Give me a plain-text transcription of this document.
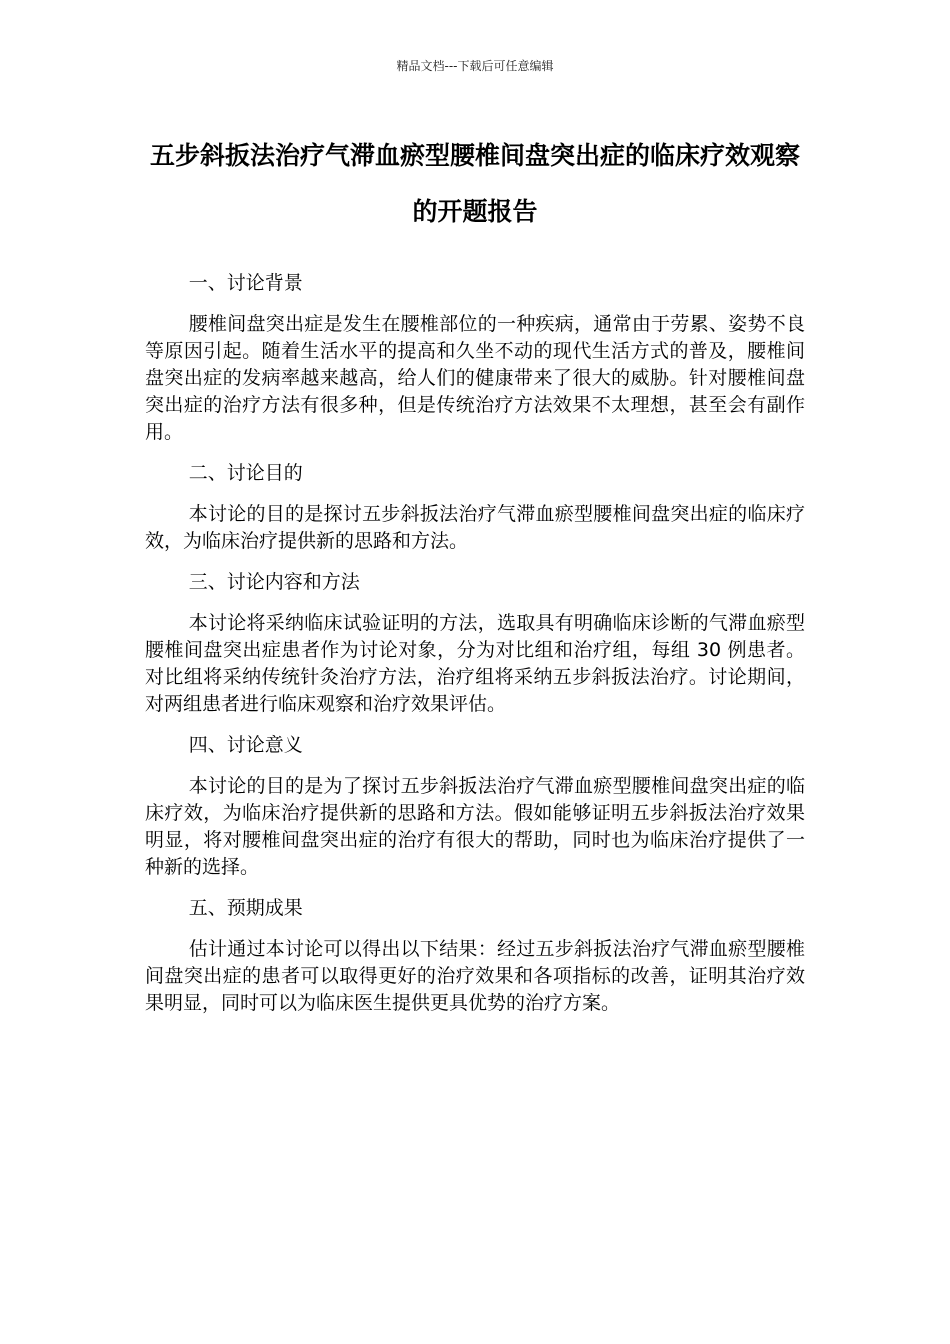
精品文档---下载后可任意编辑
五步斜扳法治疗气滞血瘀型腰椎间盘突出症的临床疗效观察的开题报告

一、讨论背景

腰椎间盘突出症是发生在腰椎部位的一种疾病，通常由于劳累、姿势不良等原因引起。随着生活水平的提高和久坐不动的现代生活方式的普及，腰椎间盘突出症的发病率越来越高，给人们的健康带来了很大的威胁。针对腰椎间盘突出症的治疗方法有很多种，但是传统治疗方法效果不太理想，甚至会有副作用。

二、讨论目的

本讨论的目的是探讨五步斜扳法治疗气滞血瘀型腰椎间盘突出症的临床疗效，为临床治疗提供新的思路和方法。

三、讨论内容和方法

本讨论将采纳临床试验证明的方法，选取具有明确临床诊断的气滞血瘀型腰椎间盘突出症患者作为讨论对象，分为对比组和治疗组，每组 30 例患者。对比组将采纳传统针灸治疗方法，治疗组将采纳五步斜扳法治疗。讨论期间，对两组患者进行临床观察和治疗效果评估。

四、讨论意义

本讨论的目的是为了探讨五步斜扳法治疗气滞血瘀型腰椎间盘突出症的临床疗效，为临床治疗提供新的思路和方法。假如能够证明五步斜扳法治疗效果明显，将对腰椎间盘突出症的治疗有很大的帮助，同时也为临床治疗提供了一种新的选择。

五、预期成果

估计通过本讨论可以得出以下结果：经过五步斜扳法治疗气滞血瘀型腰椎间盘突出症的患者可以取得更好的治疗效果和各项指标的改善，证明其治疗效果明显，同时可以为临床医生提供更具优势的治疗方案。
